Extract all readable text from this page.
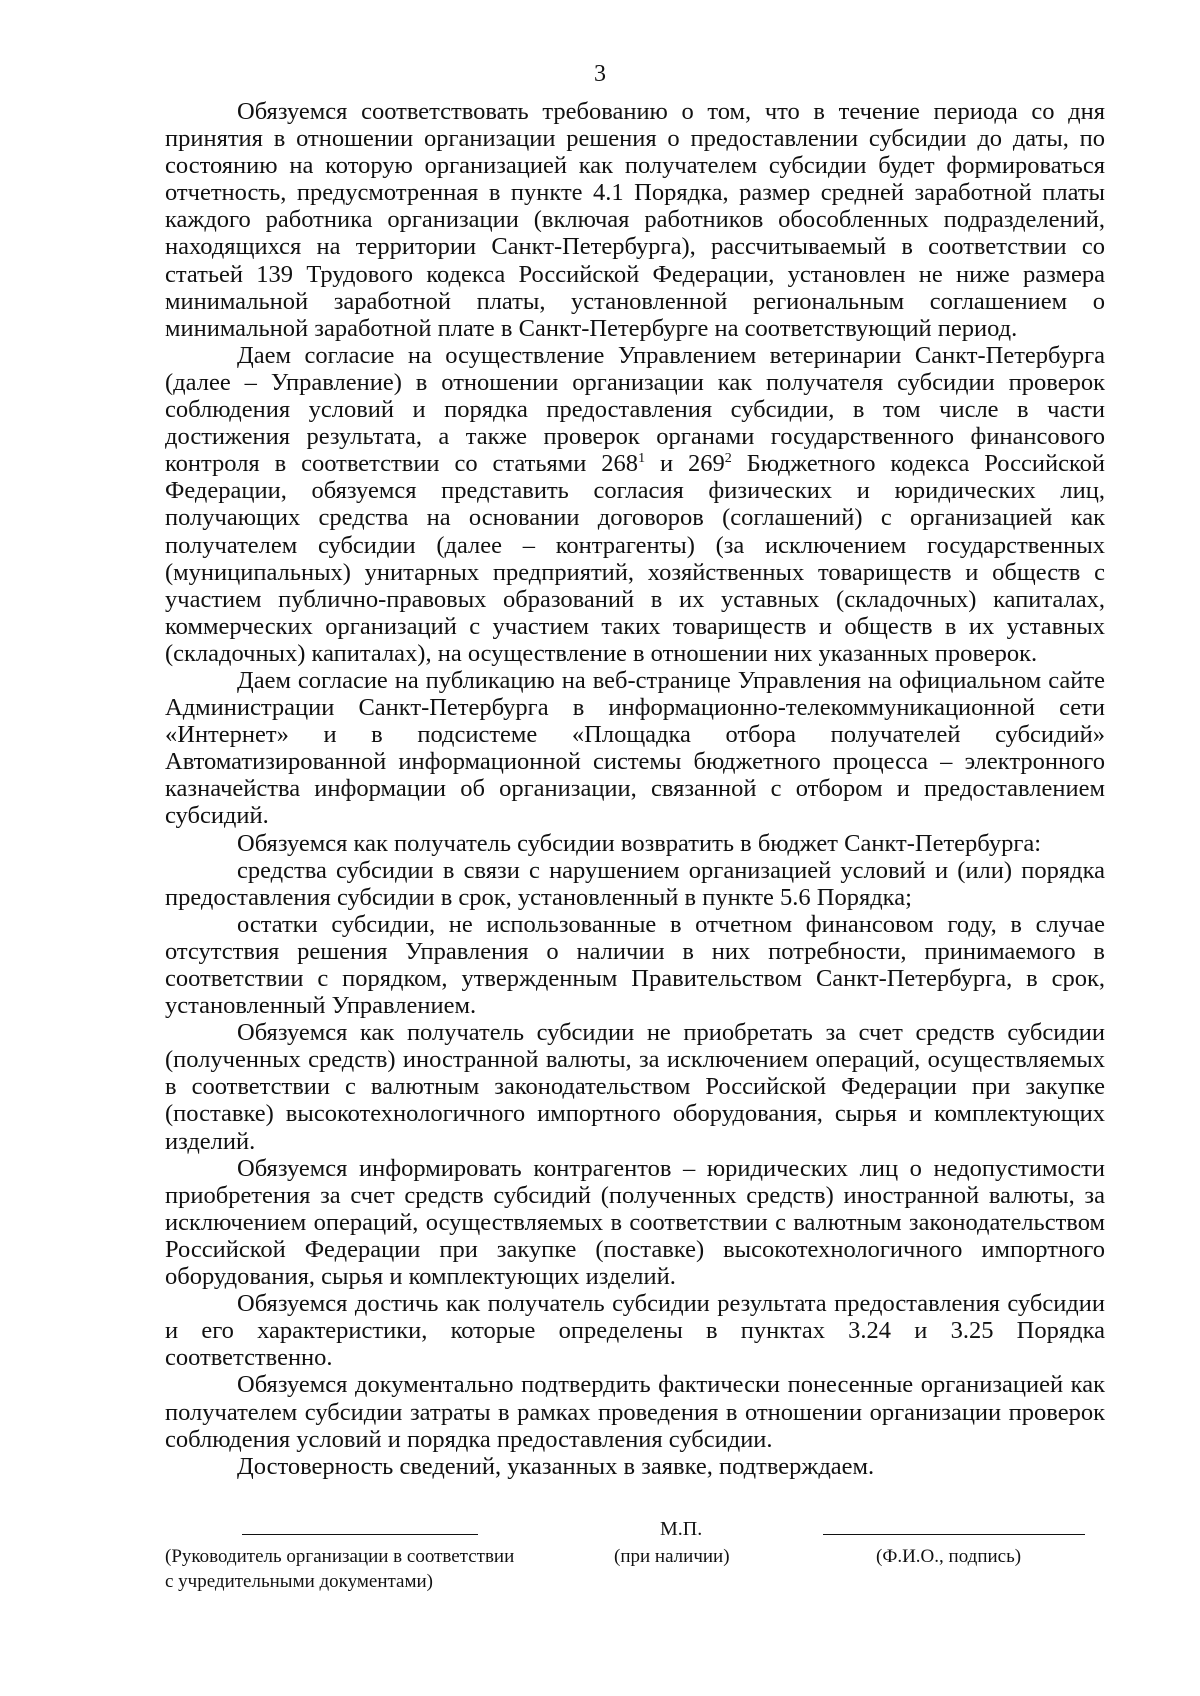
3

Обязуемся соответствовать требованию о том, что в течение периода со дня принятия в отношении организации решения о предоставлении субсидии до даты, по состоянию на которую организацией как получателем субсидии будет формироваться отчетность, предусмотренная в пункте 4.1 Порядка, размер средней заработной платы каждого работника организации (включая работников обособленных подразделений, находящихся на территории Санкт-Петербурга), рассчитываемый в соответствии со статьей 139 Трудового кодекса Российской Федерации, установлен не ниже размера минимальной заработной платы, установленной региональным соглашением о минимальной заработной плате в Санкт-Петербурге на соответствующий период.

Даем согласие на осуществление Управлением ветеринарии Санкт-Петербурга (далее – Управление) в отношении организации как получателя субсидии проверок соблюдения условий и порядка предоставления субсидии, в том числе в части достижения результата, а также проверок органами государственного финансового контроля в соответствии со статьями $268^1$ и $269^2$ Бюджетного кодекса Российской Федерации, обязуемся представить согласия физических и юридических лиц, получающих средства на основании договоров (соглашений) с организацией как получателем субсидии (далее – контрагенты) (за исключением государственных (муниципальных) унитарных предприятий, хозяйственных товариществ и обществ с участием публично-правовых образований в их уставных (складочных) капиталах, коммерческих организаций с участием таких товариществ и обществ в их уставных (складочных) капиталах), на осуществление в отношении них указанных проверок.

Даем согласие на публикацию на веб-странице Управления на официальном сайте Администрации Санкт-Петербурга в информационно-телекоммуникационной сети «Интернет» и в подсистеме «Площадка отбора получателей субсидий» Автоматизированной информационной системы бюджетного процесса – электронного казначейства информации об организации, связанной с отбором и предоставлением субсидий.

Обязуемся как получатель субсидии возвратить в бюджет Санкт-Петербурга:

средства субсидии в связи с нарушением организацией условий и (или) порядка предоставления субсидии в срок, установленный в пункте 5.6 Порядка;

остатки субсидии, не использованные в отчетном финансовом году, в случае отсутствия решения Управления о наличии в них потребности, принимаемого в соответствии с порядком, утвержденным Правительством Санкт-Петербурга, в срок, установленный Управлением.

Обязуемся как получатель субсидии не приобретать за счет средств субсидии (полученных средств) иностранной валюты, за исключением операций, осуществляемых в соответствии с валютным законодательством Российской Федерации при закупке (поставке) высокотехнологичного импортного оборудования, сырья и комплектующих изделий.

Обязуемся информировать контрагентов – юридических лиц о недопустимости приобретения за счет средств субсидий (полученных средств) иностранной валюты, за исключением операций, осуществляемых в соответствии с валютным законодательством Российской Федерации при закупке (поставке) высокотехнологичного импортного оборудования, сырья и комплектующих изделий.

Обязуемся достичь как получатель субсидии результата предоставления субсидии и его характеристики, которые определены в пунктах 3.24 и 3.25 Порядка соответственно.

Обязуемся документально подтвердить фактически понесенные организацией как получателем субсидии затраты в рамках проведения в отношении организации проверок соблюдения условий и порядка предоставления субсидии.

Достоверность сведений, указанных в заявке, подтверждаем.

(Руководитель организации в соответствии
с учредительными документами)
М.П.
(при наличии)	(Ф.И.О., подпись)
